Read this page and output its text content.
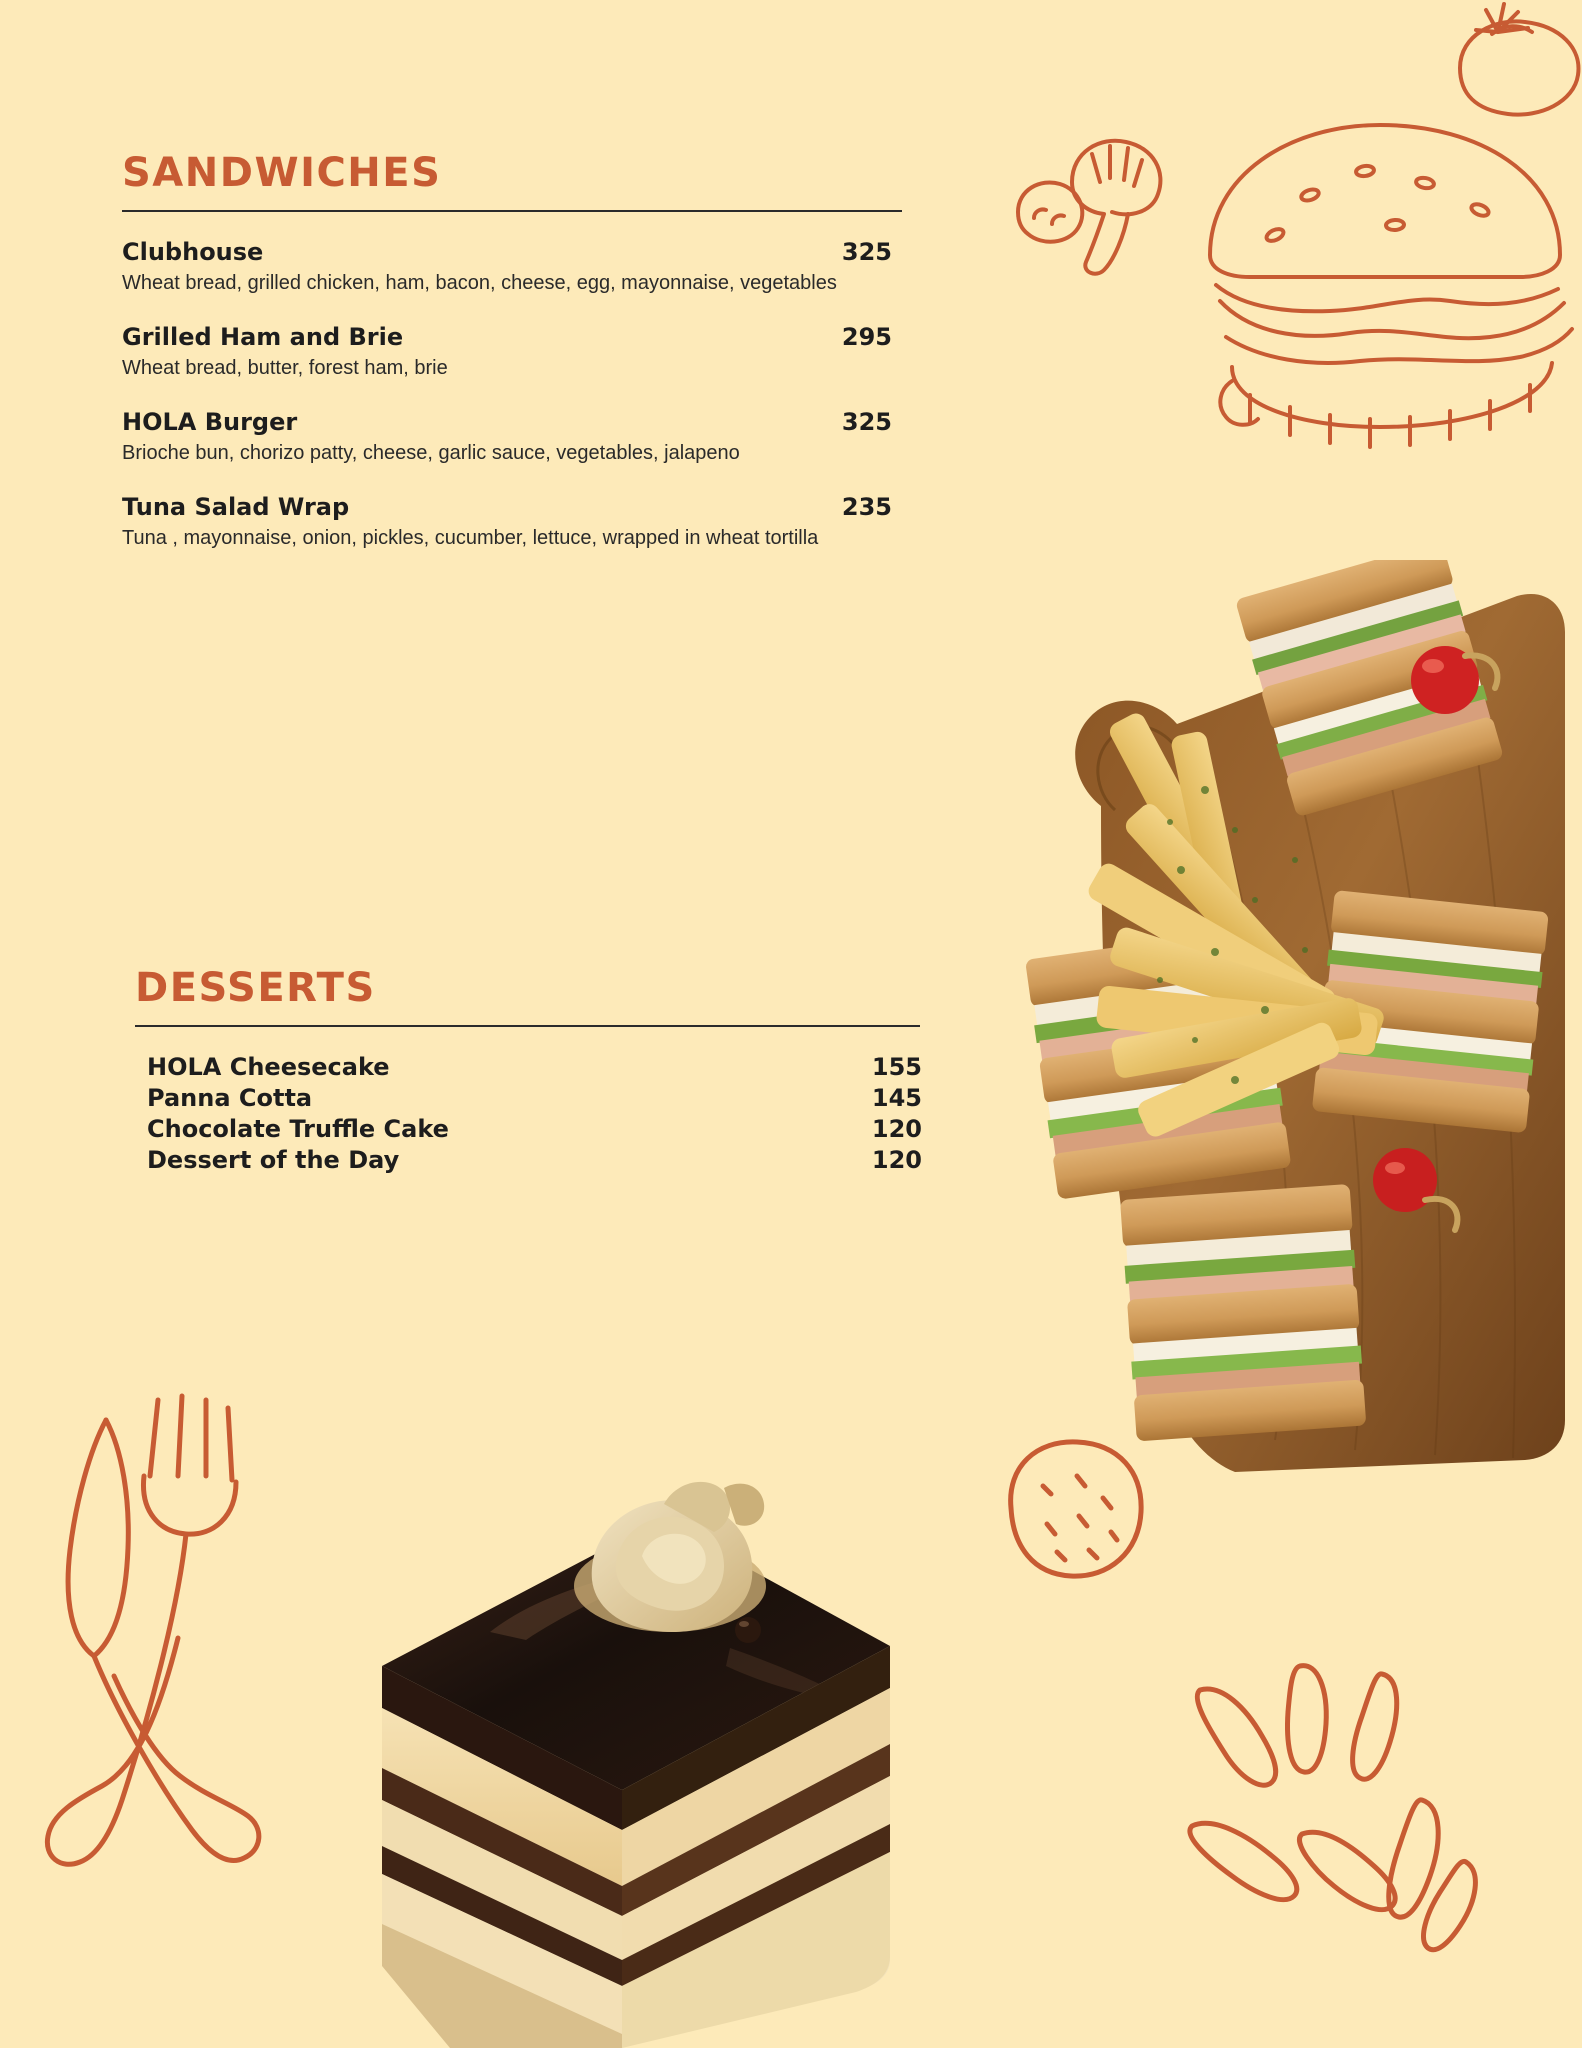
SANDWICHES
Clubhouse	325
Wheat bread, grilled chicken, ham, bacon, cheese, egg, mayonnaise, vegetables
Grilled Ham and Brie	295
Wheat bread, butter, forest ham, brie
HOLA Burger	325
Brioche bun, chorizo patty, cheese, garlic sauce, vegetables, jalapeno
Tuna Salad Wrap	235
Tuna , mayonnaise, onion, pickles, cucumber, lettuce, wrapped in wheat tortilla
DESSERTS
HOLA Cheesecake	155
Panna Cotta	145
Chocolate Truffle Cake	120
Dessert of the Day	120
